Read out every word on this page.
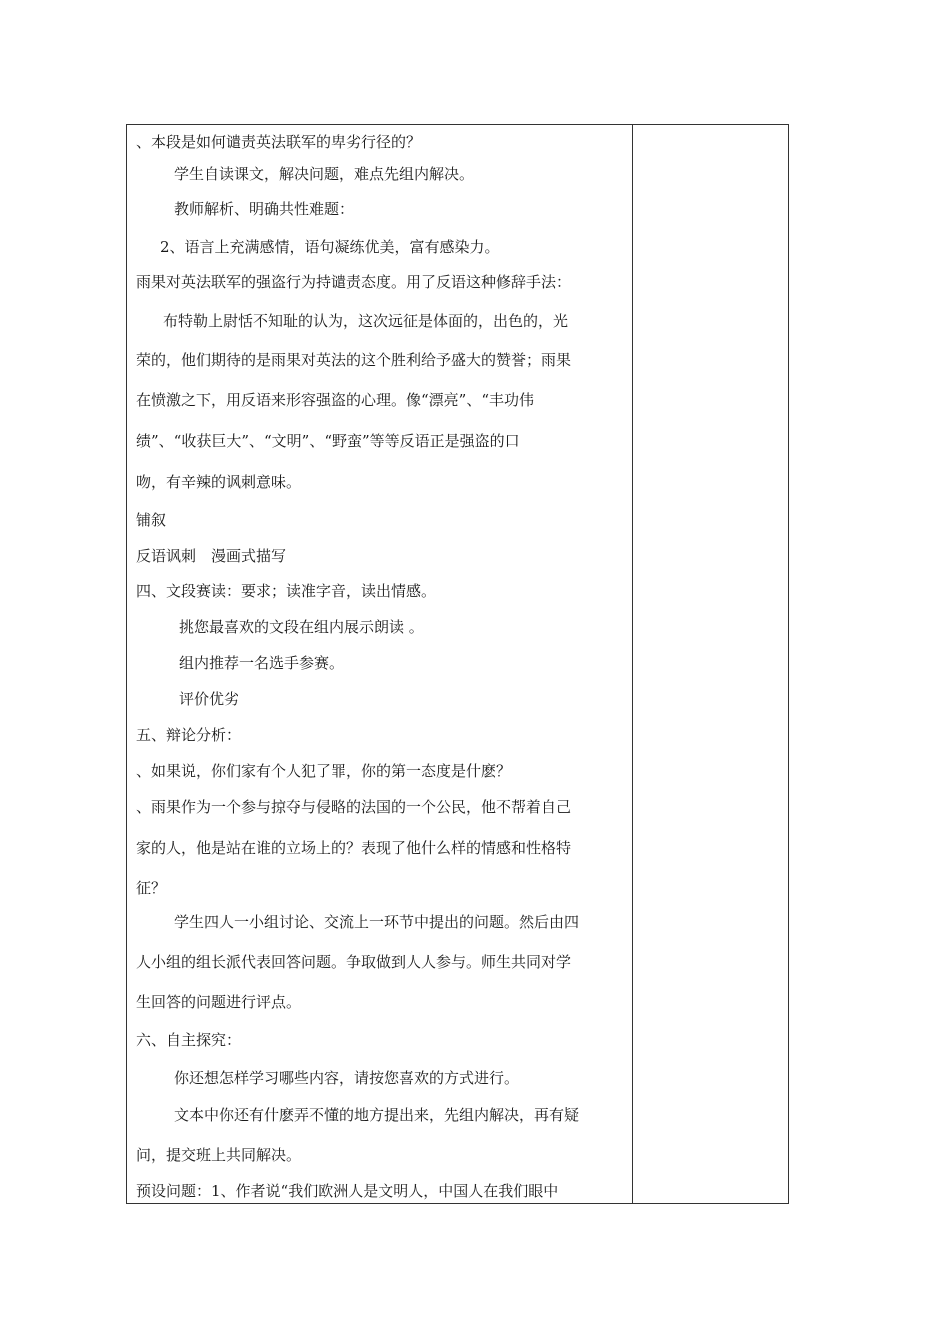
、本段是如何谴责英法联军的卑劣行径的？
学生自读课文，解决问题，难点先组内解决。
教师解析、明确共性难题：
2、语言上充满感情，语句凝练优美，富有感染力。
雨果对英法联军的强盗行为持谴责态度。用了反语这种修辞手法：
布特勒上尉恬不知耻的认为，这次远征是体面的，出色的，光
荣的，他们期待的是雨果对英法的这个胜利给予盛大的赞誉；雨果
在愤激之下，用反语来形容强盗的心理。像“漂亮”、“丰功伟
绩”、“收获巨大”、“文明”、“野蛮”等等反语正是强盗的口
吻，有辛辣的讽刺意味。
铺叙
反语讽刺　漫画式描写
四、文段赛读：要求；读准字音，读出情感。
挑您最喜欢的文段在组内展示朗读 。
组内推荐一名选手参赛。
评价优劣
五、辩论分析：
、如果说，你们家有个人犯了罪，你的第一态度是什麽？
、雨果作为一个参与掠夺与侵略的法国的一个公民，他不帮着自己
家的人，他是站在谁的立场上的？表现了他什么样的情感和性格特
征？
学生四人一小组讨论、交流上一环节中提出的问题。然后由四
人小组的组长派代表回答问题。争取做到人人参与。师生共同对学
生回答的问题进行评点。
六、自主探究：
你还想怎样学习哪些内容，请按您喜欢的方式进行。
文本中你还有什麽弄不懂的地方提出来，先组内解决，再有疑
问，提交班上共同解决。
预设问题：1、作者说“我们欧洲人是文明人，中国人在我们眼中
